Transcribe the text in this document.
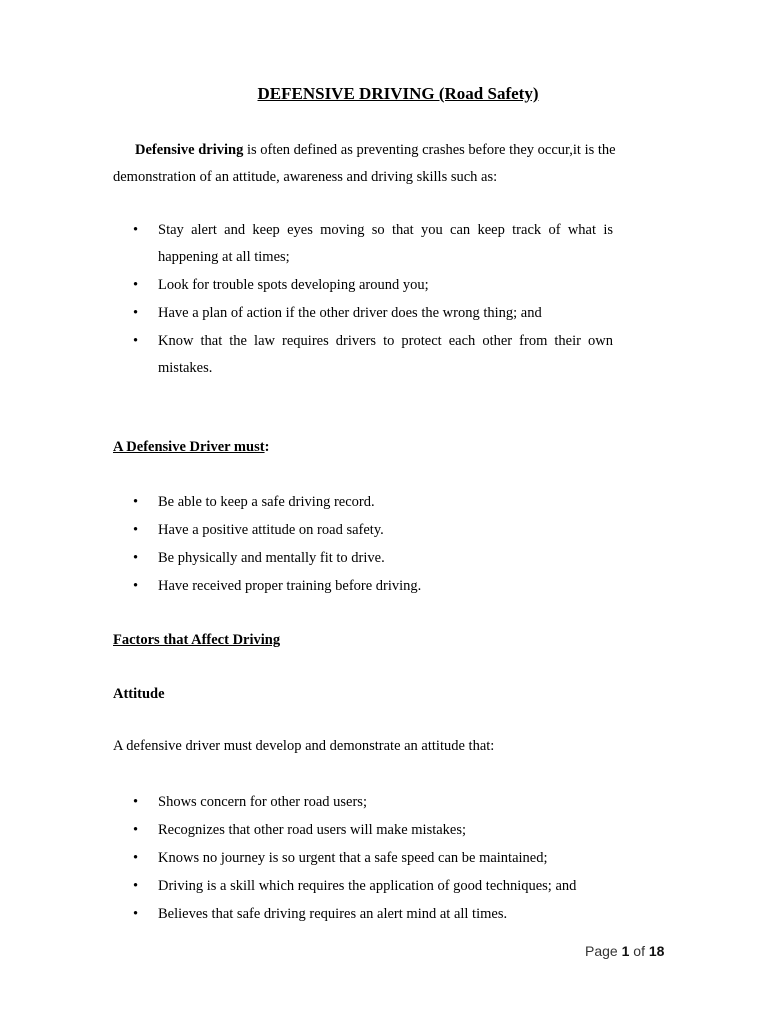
DEFENSIVE DRIVING (Road Safety)

Defensive driving is often defined as preventing crashes before they occur,it is the demonstration of an attitude, awareness and driving skills such as:

• Stay alert and keep eyes moving so that you can keep track of what is happening at all times;
• Look for trouble spots developing around you;
• Have a plan of action if the other driver does the wrong thing; and
• Know that the law requires drivers to protect each other from their own mistakes.

A Defensive Driver must:

• Be able to keep a safe driving record.
• Have a positive attitude on road safety.
• Be physically and mentally fit to drive.
• Have received proper training before driving.

Factors that Affect Driving

Attitude

A defensive driver must develop and demonstrate an attitude that:

• Shows concern for other road users;
• Recognizes that other road users will make mistakes;
• Knows no journey is so urgent that a safe speed can be maintained;
• Driving is a skill which requires the application of good techniques; and
• Believes that safe driving requires an alert mind at all times.
Page 1 of 18
